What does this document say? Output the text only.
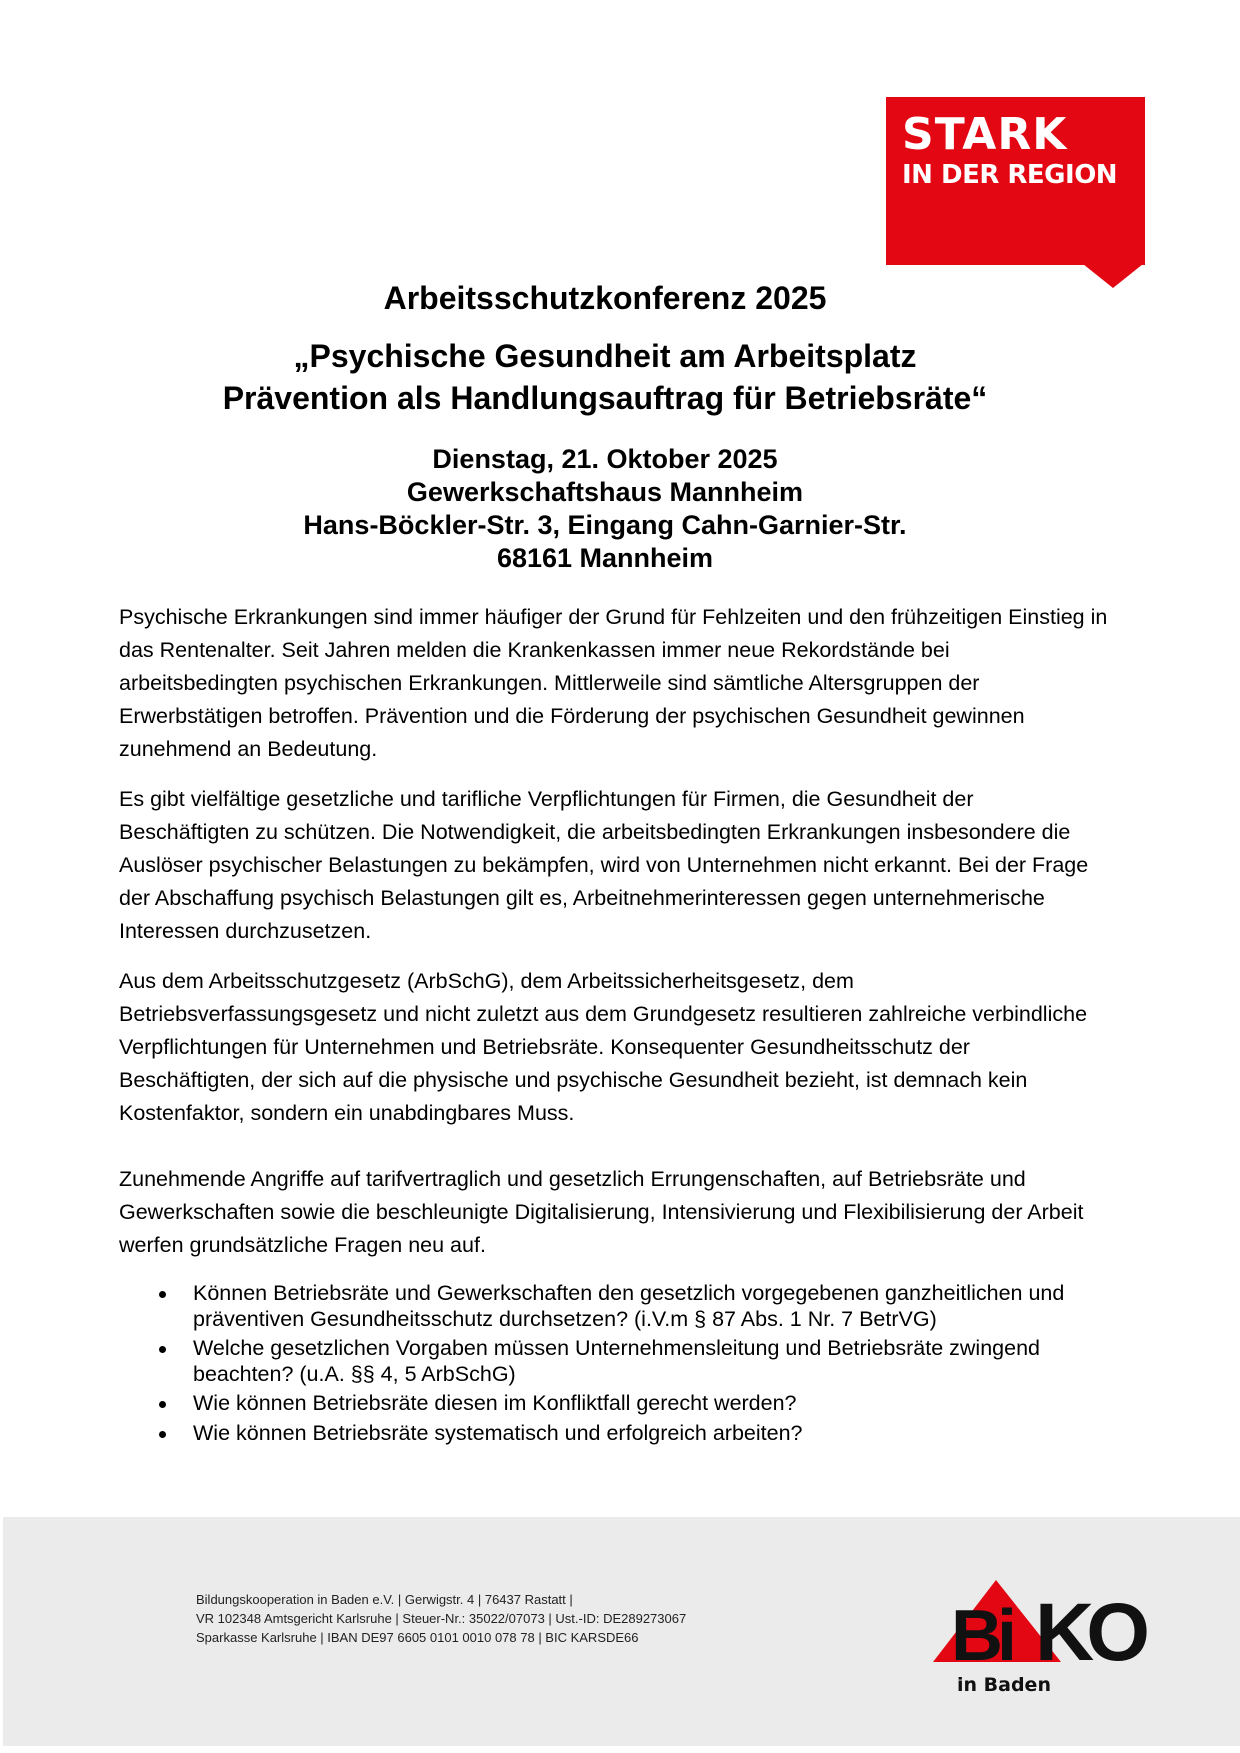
STARK
IN DER REGION
Arbeitsschutzkonferenz 2025
„Psychische Gesundheit am Arbeitsplatz
Prävention als Handlungsauftrag für Betriebsräte“
Dienstag, 21. Oktober 2025
Gewerkschaftshaus Mannheim
Hans-Böckler-Str. 3, Eingang Cahn-Garnier-Str.
68161 Mannheim

Psychische Erkrankungen sind immer häufiger der Grund für Fehlzeiten und den frühzeitigen Einstieg in das Rentenalter. Seit Jahren melden die Krankenkassen immer neue Rekordstände bei arbeitsbedingten psychischen Erkrankungen. Mittlerweile sind sämtliche Altersgruppen der Erwerbstätigen betroffen. Prävention und die Förderung der psychischen Gesundheit gewinnen zunehmend an Bedeutung.

Es gibt vielfältige gesetzliche und tarifliche Verpflichtungen für Firmen, die Gesundheit der Beschäftigten zu schützen. Die Notwendigkeit, die arbeitsbedingten Erkrankungen insbesondere die Auslöser psychischer Belastungen zu bekämpfen, wird von Unternehmen nicht erkannt. Bei der Frage der Abschaffung psychisch Belastungen gilt es, Arbeitnehmerinteressen gegen unternehmerische Interessen durchzusetzen.

Aus dem Arbeitsschutzgesetz (ArbSchG), dem Arbeitssicherheitsgesetz, dem Betriebsverfassungsgesetz und nicht zuletzt aus dem Grundgesetz resultieren zahlreiche verbindliche Verpflichtungen für Unternehmen und Betriebsräte. Konsequenter Gesundheitsschutz der Beschäftigten, der sich auf die physische und psychische Gesundheit bezieht, ist demnach kein Kostenfaktor, sondern ein unabdingbares Muss.

Zunehmende Angriffe auf tarifvertraglich und gesetzlich Errungenschaften, auf Betriebsräte und Gewerkschaften sowie die beschleunigte Digitalisierung, Intensivierung und Flexibilisierung der Arbeit werfen grundsätzliche Fragen neu auf.

Können Betriebsräte und Gewerkschaften den gesetzlich vorgegebenen ganzheitlichen und präventiven Gesundheitsschutz durchsetzen? (i.V.m § 87 Abs. 1 Nr. 7 BetrVG)
Welche gesetzlichen Vorgaben müssen Unternehmensleitung und Betriebsräte zwingend beachten? (u.A. §§ 4, 5 ArbSchG)
Wie können Betriebsräte diesen im Konfliktfall gerecht werden?
Wie können Betriebsräte systematisch und erfolgreich arbeiten?
Bildungskooperation in Baden e.V. | Gerwigstr. 4 | 76437 Rastatt |
VR 102348 Amtsgericht Karlsruhe | Steuer-Nr.: 35022/07073 | Ust.-ID: DE289273067
Sparkasse Karlsruhe | IBAN DE97 6605 0101 0010 078 78 | BIC KARSDE66	Bi KO
in Baden
